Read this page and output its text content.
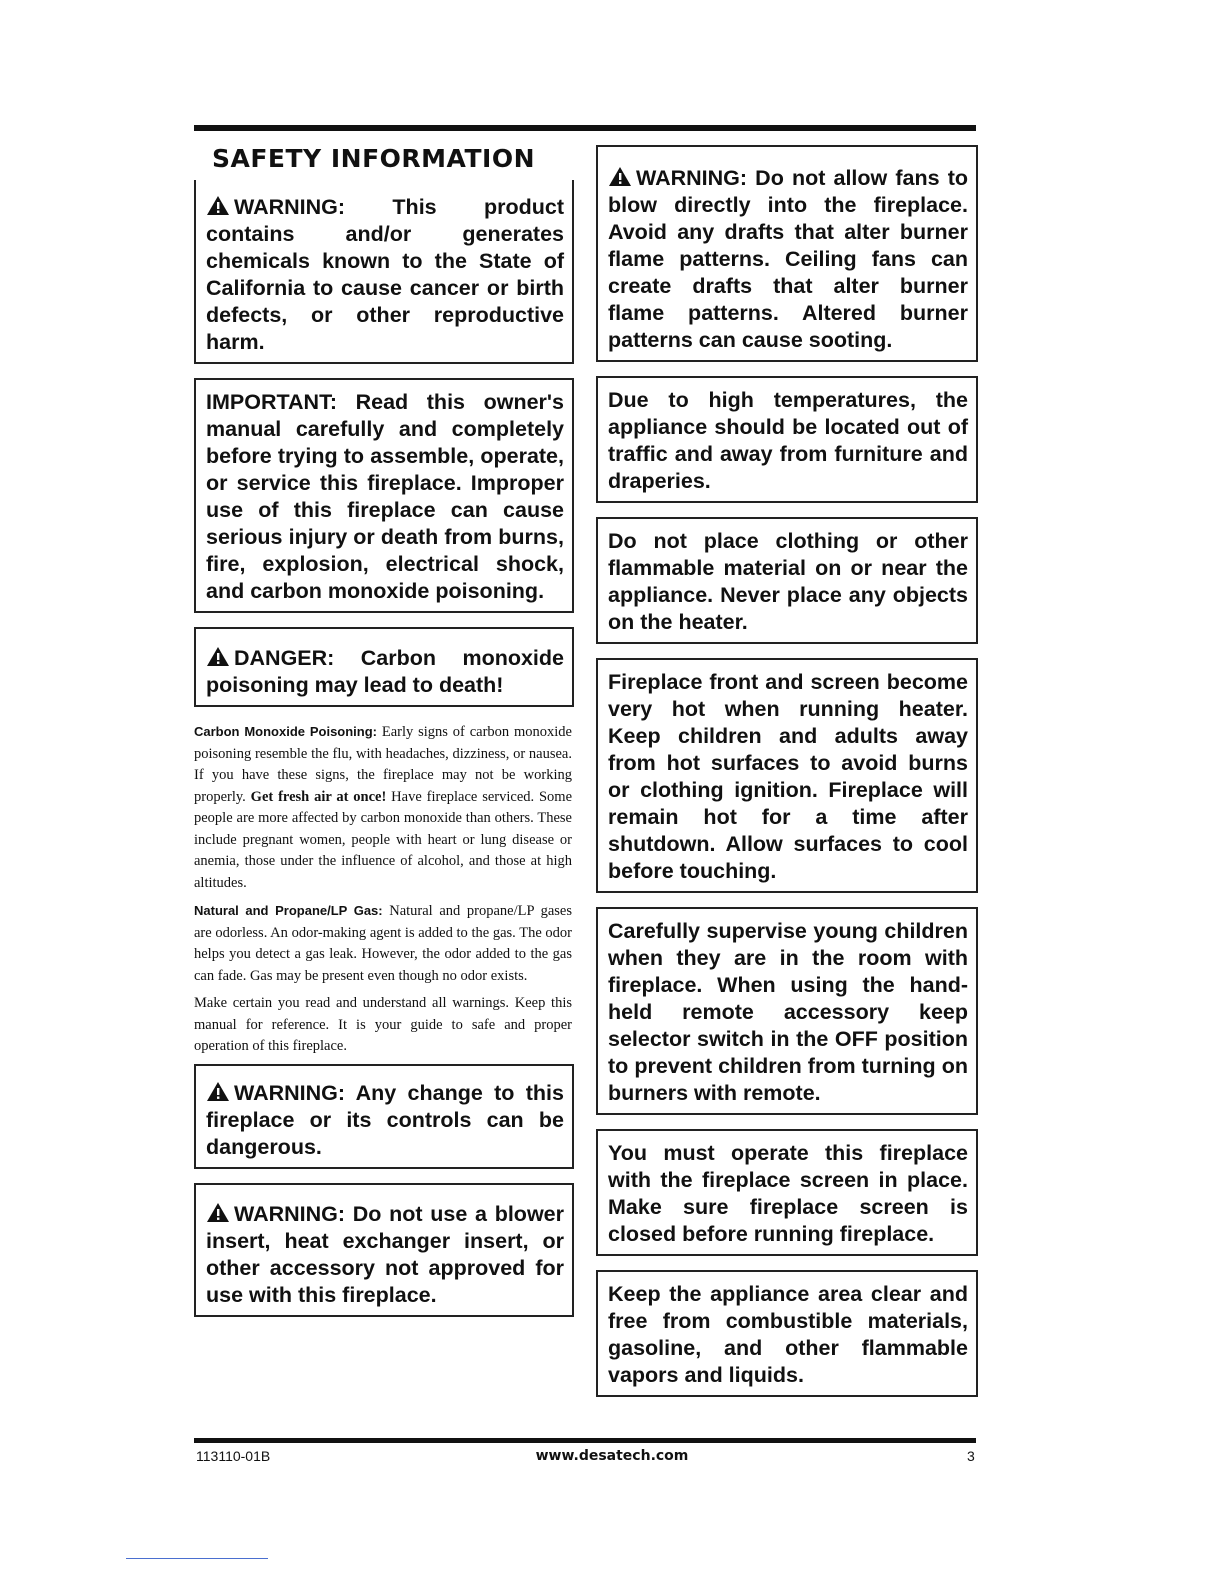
SAFETY INFORMATION
WARNING: This product contains and/or generates chemicals known to the State of California to cause cancer or birth defects, or other reproductive harm.
IMPORTANT: Read this owner's manual carefully and completely before trying to assemble, operate, or service this fireplace. Improper use of this fireplace can cause serious injury or death from burns, fire, explosion, electrical shock, and carbon monoxide poisoning.
DANGER: Carbon monoxide poisoning may lead to death!

Carbon Monoxide Poisoning: Early signs of carbon monoxide poisoning resemble the flu, with headaches, dizziness, or nausea. If you have these signs, the fireplace may not be working properly. Get fresh air at once! Have fireplace serviced. Some people are more affected by carbon monoxide than others. These include pregnant women, people with heart or lung disease or anemia, those under the influence of alcohol, and those at high altitudes.

Natural and Propane/LP Gas: Natural and propane/LP gases are odorless. An odor-making agent is added to the gas. The odor helps you detect a gas leak. However, the odor added to the gas can fade. Gas may be present even though no odor exists.

Make certain you read and understand all warnings. Keep this manual for reference. It is your guide to safe and proper operation of this fireplace.

WARNING: Any change to this fireplace or its controls can be dangerous.
WARNING: Do not use a blower insert, heat exchanger insert, or other accessory not approved for use with this fireplace.
WARNING: Do not allow fans to blow directly into the fireplace. Avoid any drafts that alter burner flame patterns. Ceiling fans can create drafts that alter burner flame patterns. Altered burner patterns can cause sooting.
Due to high temperatures, the appliance should be located out of traffic and away from furniture and draperies.
Do not place clothing or other flammable material on or near the appliance. Never place any objects on the heater.
Fireplace front and screen become very hot when running heater. Keep children and adults away from hot surfaces to avoid burns or clothing ignition. Fireplace will remain hot for a time after shutdown. Allow surfaces to cool before touching.
Carefully supervise young children when they are in the room with fireplace. When using the hand-held remote accessory keep selector switch in the OFF position to prevent children from turning on burners with remote.
You must operate this fireplace with the fireplace screen in place. Make sure fireplace screen is closed before running fireplace.
Keep the appliance area clear and free from combustible materials, gasoline, and other flammable vapors and liquids.
113110-01B	www.desatech.com	3
